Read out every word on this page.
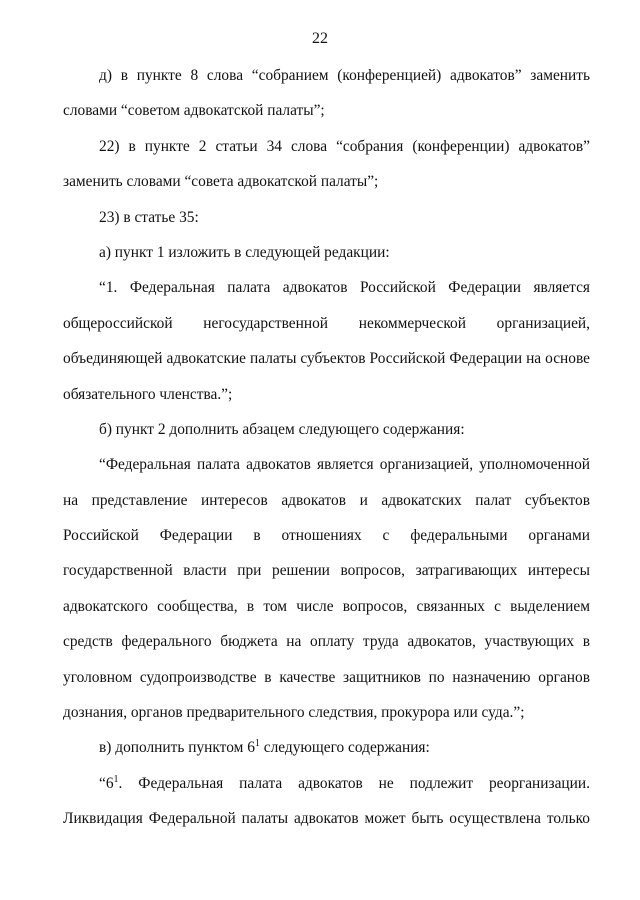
22
д) в пункте 8 слова “собранием (конференцией) адвокатов” заменить
словами “советом адвокатской палаты”;
22) в пункте 2 статьи 34 слова “собрания (конференции) адвокатов”
заменить словами “совета адвокатской палаты”;
23) в статье 35:
а) пункт 1 изложить в следующей редакции:
“1. Федеральная палата адвокатов Российской Федерации является
общероссийской негосударственной некоммерческой организацией,
объединяющей адвокатские палаты субъектов Российской Федерации на основе
обязательного членства.”;
б) пункт 2 дополнить абзацем следующего содержания:
“Федеральная палата адвокатов является организацией, уполномоченной
на представление интересов адвокатов и адвокатских палат субъектов
Российской Федерации в отношениях с федеральными органами
государственной власти при решении вопросов, затрагивающих интересы
адвокатского сообщества, в том числе вопросов, связанных с выделением
средств федерального бюджета на оплату труда адвокатов, участвующих в
уголовном судопроизводстве в качестве защитников по назначению органов
дознания, органов предварительного следствия, прокурора или суда.”;
в) дополнить пунктом $6^1$ следующего содержания:
“$6^1$. Федеральная палата адвокатов не подлежит реорганизации.
Ликвидация Федеральной палаты адвокатов может быть осуществлена только
